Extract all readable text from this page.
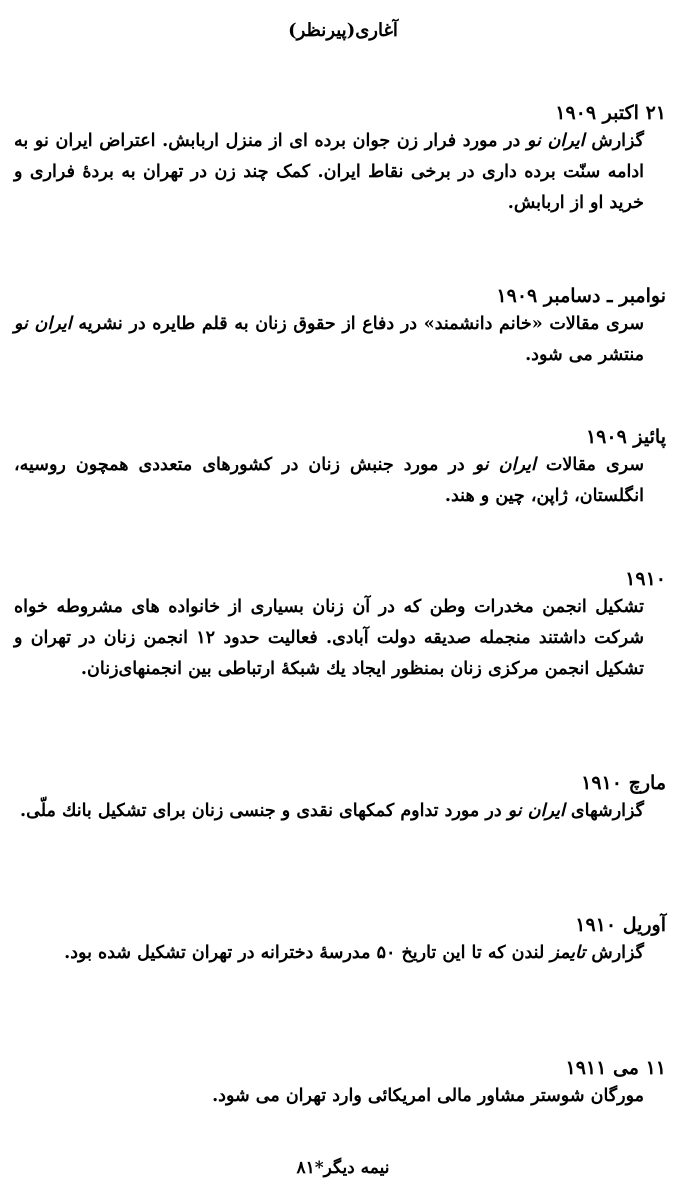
آغاری(پیرنظر)

۲۱ اکتبر ۱۹۰۹

گزارش ایران نو در مورد فرار زن جوان برده ای از منزل اربابش. اعتراض ایران نو به ادامه سنّت برده داری در برخی نقاط ایران. کمک چند زن در تهران به بردهٔ فراری و خرید او از اربابش.

نوامبر ـ دسامبر ۱۹۰۹

سری مقالات «خانم دانشمند» در دفاع از حقوق زنان به قلم طایره در نشریه ایران نو منتشر می شود.

پائیز ۱۹۰۹

سری مقالات ایران نو در مورد جنبش زنان در کشورهای متعددی همچون روسیه، انگلستان، ژاپن، چین و هند.

۱۹۱۰

تشکیل انجمن مخدرات وطن که در آن زنان بسیاری از خانواده های مشروطه خواه شرکت داشتند منجمله صدیقه دولت آبادی. فعالیت حدود ۱۲ انجمن زنان در تهران و تشکیل انجمن مرکزی زنان بمنظور ایجاد یك شبکهٔ ارتباطی بین انجمنهای‌زنان.

مارچ ۱۹۱۰

گزارشهای ایران نو در مورد تداوم کمکهای نقدی و جنسی زنان برای تشکیل بانك ملّی.

آوریل ۱۹۱۰

گزارش تایمز لندن که تا این تاریخ ۵۰ مدرسهٔ دخترانه در تهران تشکیل شده بود.

۱۱ می ۱۹۱۱

مورگان شوستر مشاور مالی امریکائی وارد تهران می شود.

نیمه دیگر*۸۱
